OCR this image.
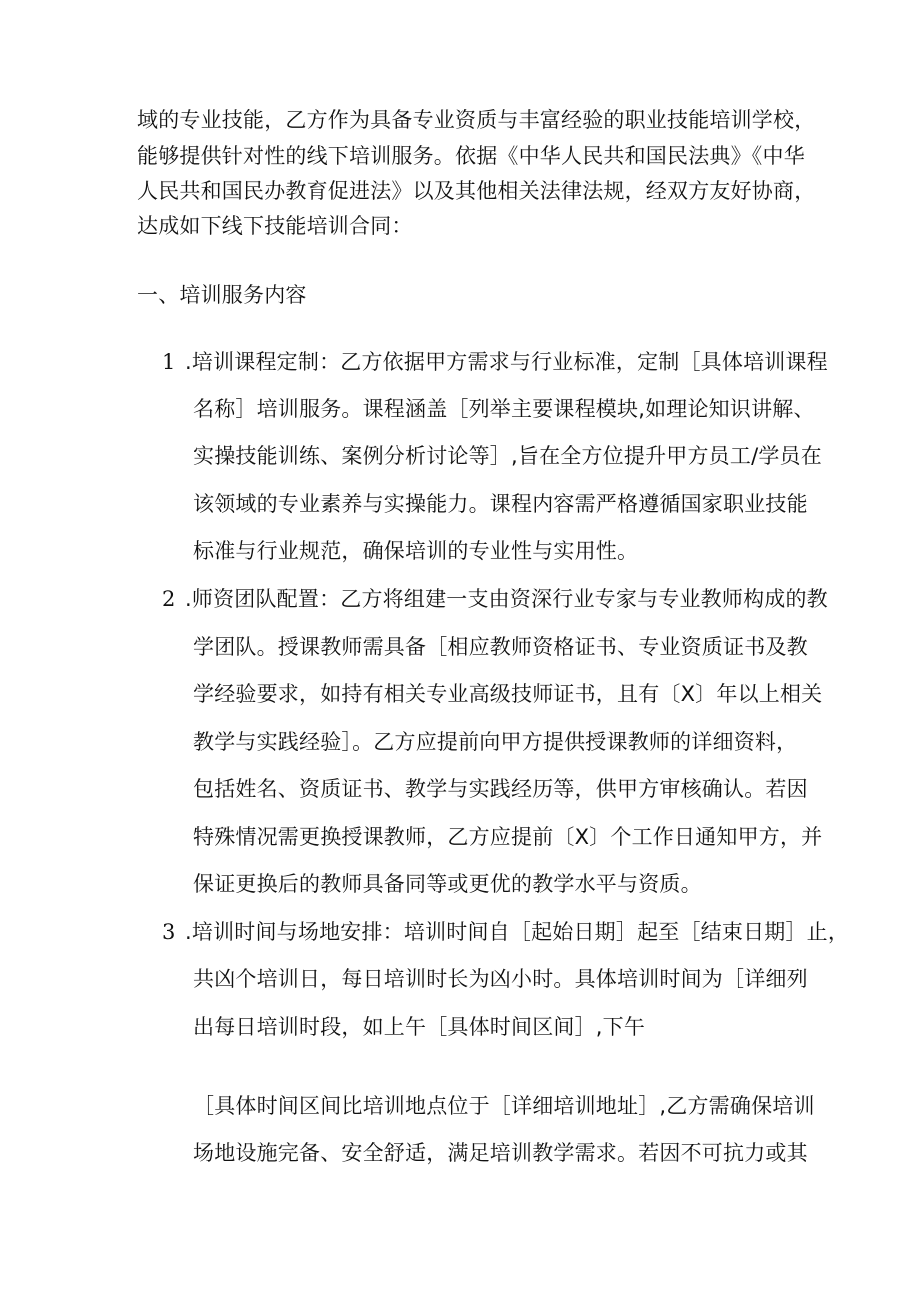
域的专业技能，乙方作为具备专业资质与丰富经验的职业技能培训学校，
能够提供针对性的线下培训服务。依据《中华人民共和国民法典》《中华
人民共和国民办教育促进法》以及其他相关法律法规，经双方友好协商，
达成如下线下技能培训合同：
一、培训服务内容
1 .培训课程定制：乙方依据甲方需求与行业标准，定制［具体培训课程
名称］培训服务。课程涵盖［列举主要课程模块,如理论知识讲解、
实操技能训练、案例分析讨论等］,旨在全方位提升甲方员工/学员在
该领域的专业素养与实操能力。课程内容需严格遵循国家职业技能
标准与行业规范，确保培训的专业性与实用性。
2 .师资团队配置：乙方将组建一支由资深行业专家与专业教师构成的教
学团队。授课教师需具备［相应教师资格证书、专业资质证书及教
学经验要求，如持有相关专业高级技师证书，且有〔X〕年以上相关
教学与实践经验］。乙方应提前向甲方提供授课教师的详细资料，
包括姓名、资质证书、教学与实践经历等，供甲方审核确认。若因
特殊情况需更换授课教师，乙方应提前〔X〕个工作日通知甲方，并
保证更换后的教师具备同等或更优的教学水平与资质。
3 .培训时间与场地安排：培训时间自［起始日期］起至［结束日期］止，
共凶个培训日，每日培训时长为凶小时。具体培训时间为［详细列
出每日培训时段，如上午［具体时间区间］,下午
［具体时间区间比培训地点位于［详细培训地址］,乙方需确保培训
场地设施完备、安全舒适，满足培训教学需求。若因不可抗力或其
